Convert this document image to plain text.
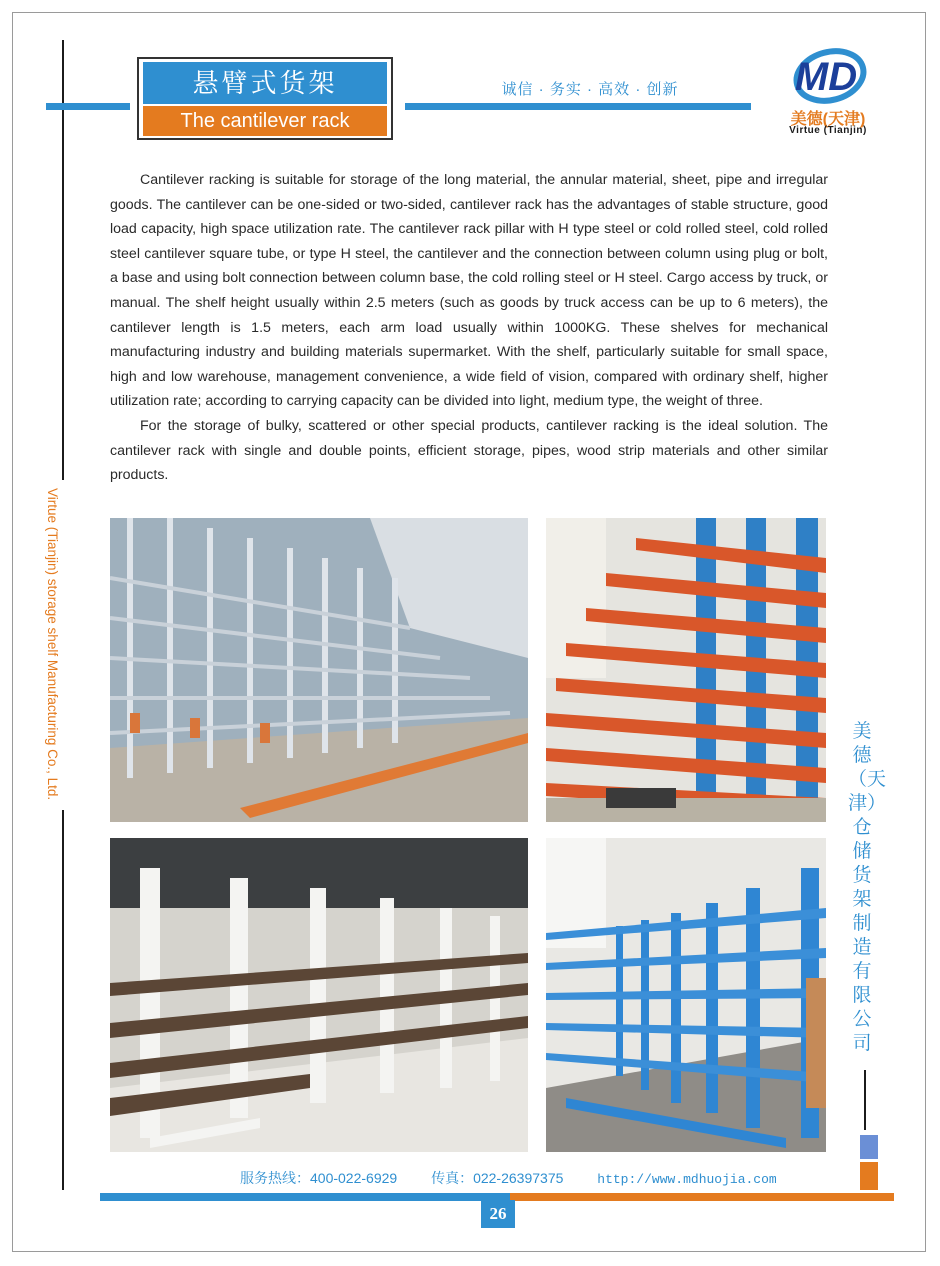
悬臂式货架
The cantilever rack
诚信 · 务实 · 高效 · 创新	MD
美德(天津)
Virtue (Tianjin)

Cantilever racking is suitable for storage of the long material, the annular material, sheet, pipe and irregular goods. The cantilever can be one-sided or two-sided, cantilever rack has the advantages of stable structure, good load capacity, high space utilization rate. The cantilever rack pillar with H type steel or cold rolled steel, cold rolled steel cantilever square tube, or type H steel, the cantilever and the connection between column using plug or bolt, a base and using bolt connection between column base, the cold rolling steel or H steel. Cargo access by truck, or manual. The shelf height usually within 2.5 meters (such as goods by truck access can be up to 6 meters), the cantilever length is 1.5 meters, each arm load usually within 1000KG. These shelves for mechanical manufacturing industry and building materials supermarket. With the shelf, particularly suitable for small space, high and low warehouse, management convenience, a wide field of vision, compared with ordinary shelf, higher utilization rate; according to carrying capacity can be divided into light, medium type, the weight of three.

For the storage of bulky, scattered or other special products, cantilever racking is the ideal solution. The cantilever rack with single and double points, efficient storage, pipes, wood strip materials and other similar products.

Virtue (Tianjin) storage shelf Manufacturing Co., Ltd.	美德（天津）仓储货架制造有限公司
服务热线：400-022-6929 传真：022-26397375	http://www.mdhuojia.com
26
